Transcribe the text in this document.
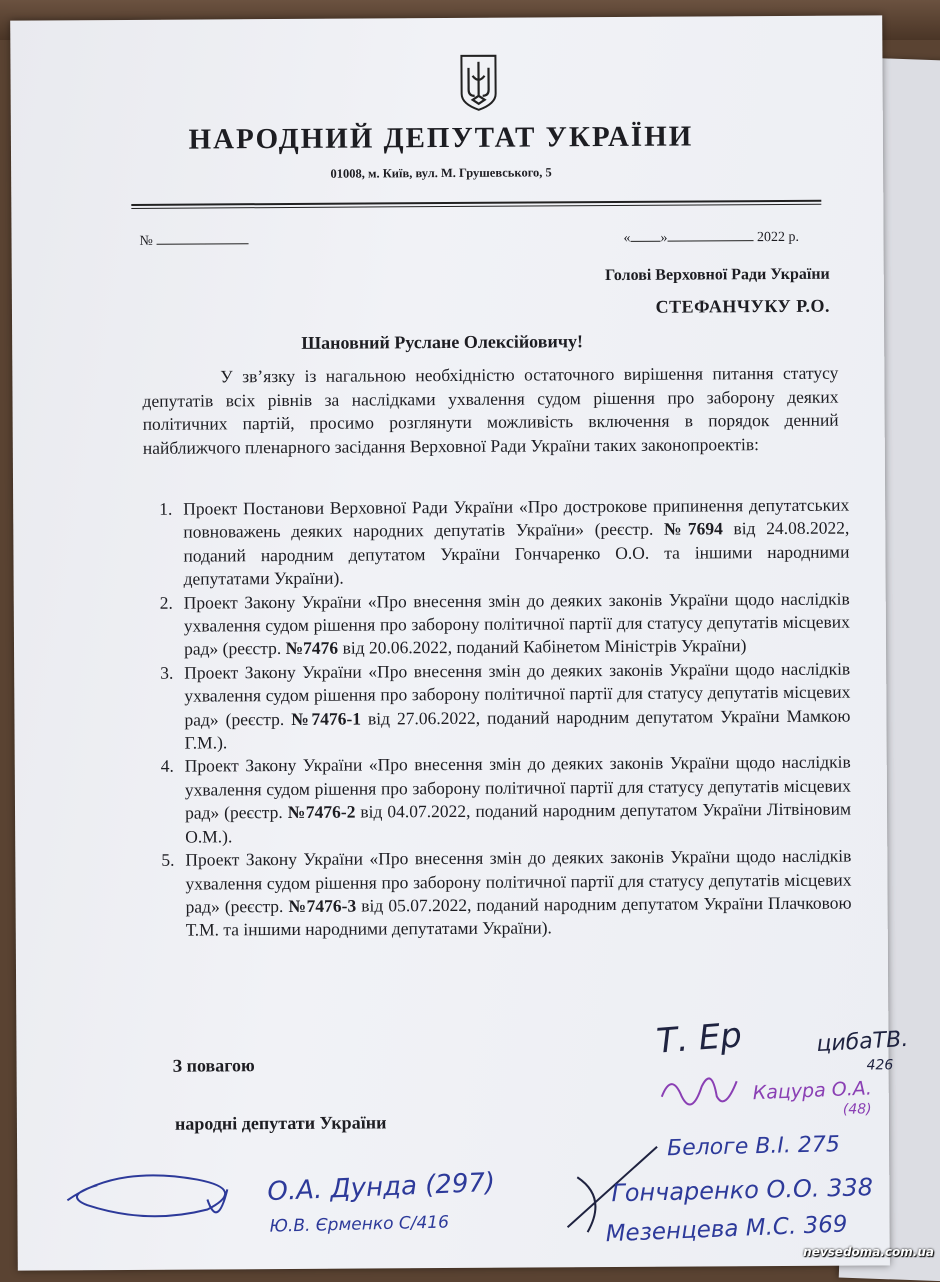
НАРОДНИЙ ДЕПУТАТ УКРАЇНИ
01008, м. Київ, вул. М. Грушевського, 5
№	« »	2022 р.
Голові Верховної Ради України
СТЕФАНЧУКУ Р.О.
Шановний Руслане Олексійовичу!
У зв’язку із нагальною необхідністю остаточного вирішення питання статусу депутатів всіх рівнів за наслідками ухвалення судом рішення про заборону деяких політичних партій, просимо розглянути можливість включення в порядок денний найближчого пленарного засідання Верховної Ради України таких законопроектів:
1. Проект Постанови Верховної Ради України «Про дострокове припинення депутатських повноважень деяких народних депутатів України» (реєстр. №7694 від 24.08.2022, поданий народним депутатом України Гончаренко О.О. та іншими народними депутатами України).
2. Проект Закону України «Про внесення змін до деяких законів України щодо наслідків ухвалення судом рішення про заборону політичної партії для статусу депутатів місцевих рад» (реєстр. №7476 від 20.06.2022, поданий Кабінетом Міністрів України)
3. Проект Закону України «Про внесення змін до деяких законів України щодо наслідків ухвалення судом рішення про заборону політичної партії для статусу депутатів місцевих рад» (реєстр. №7476-1 від 27.06.2022, поданий народним депутатом України Мамкою Г.М.).
4. Проект Закону України «Про внесення змін до деяких законів України щодо наслідків ухвалення судом рішення про заборону політичної партії для статусу депутатів місцевих рад» (реєстр. №7476-2 від 04.07.2022, поданий народним депутатом України Літвіновим О.М.).
5. Проект Закону України «Про внесення змін до деяких законів України щодо наслідків ухвалення судом рішення про заборону політичної партії для статусу депутатів місцевих рад» (реєстр. №7476-3 від 05.07.2022, поданий народним депутатом України Плачковою Т.М. та іншими народними депутатами України).
З повагою
народні депутати України
Т. Ер	цибаТВ.
426
Кацура О.А.
(48)
Белоге В.І. 275
О.А. Дунда (297)
Ю.В. Єрменко С/416
Гончаренко О.О. 338
Мезенцева М.С. 369
nevsedoma.com.ua
